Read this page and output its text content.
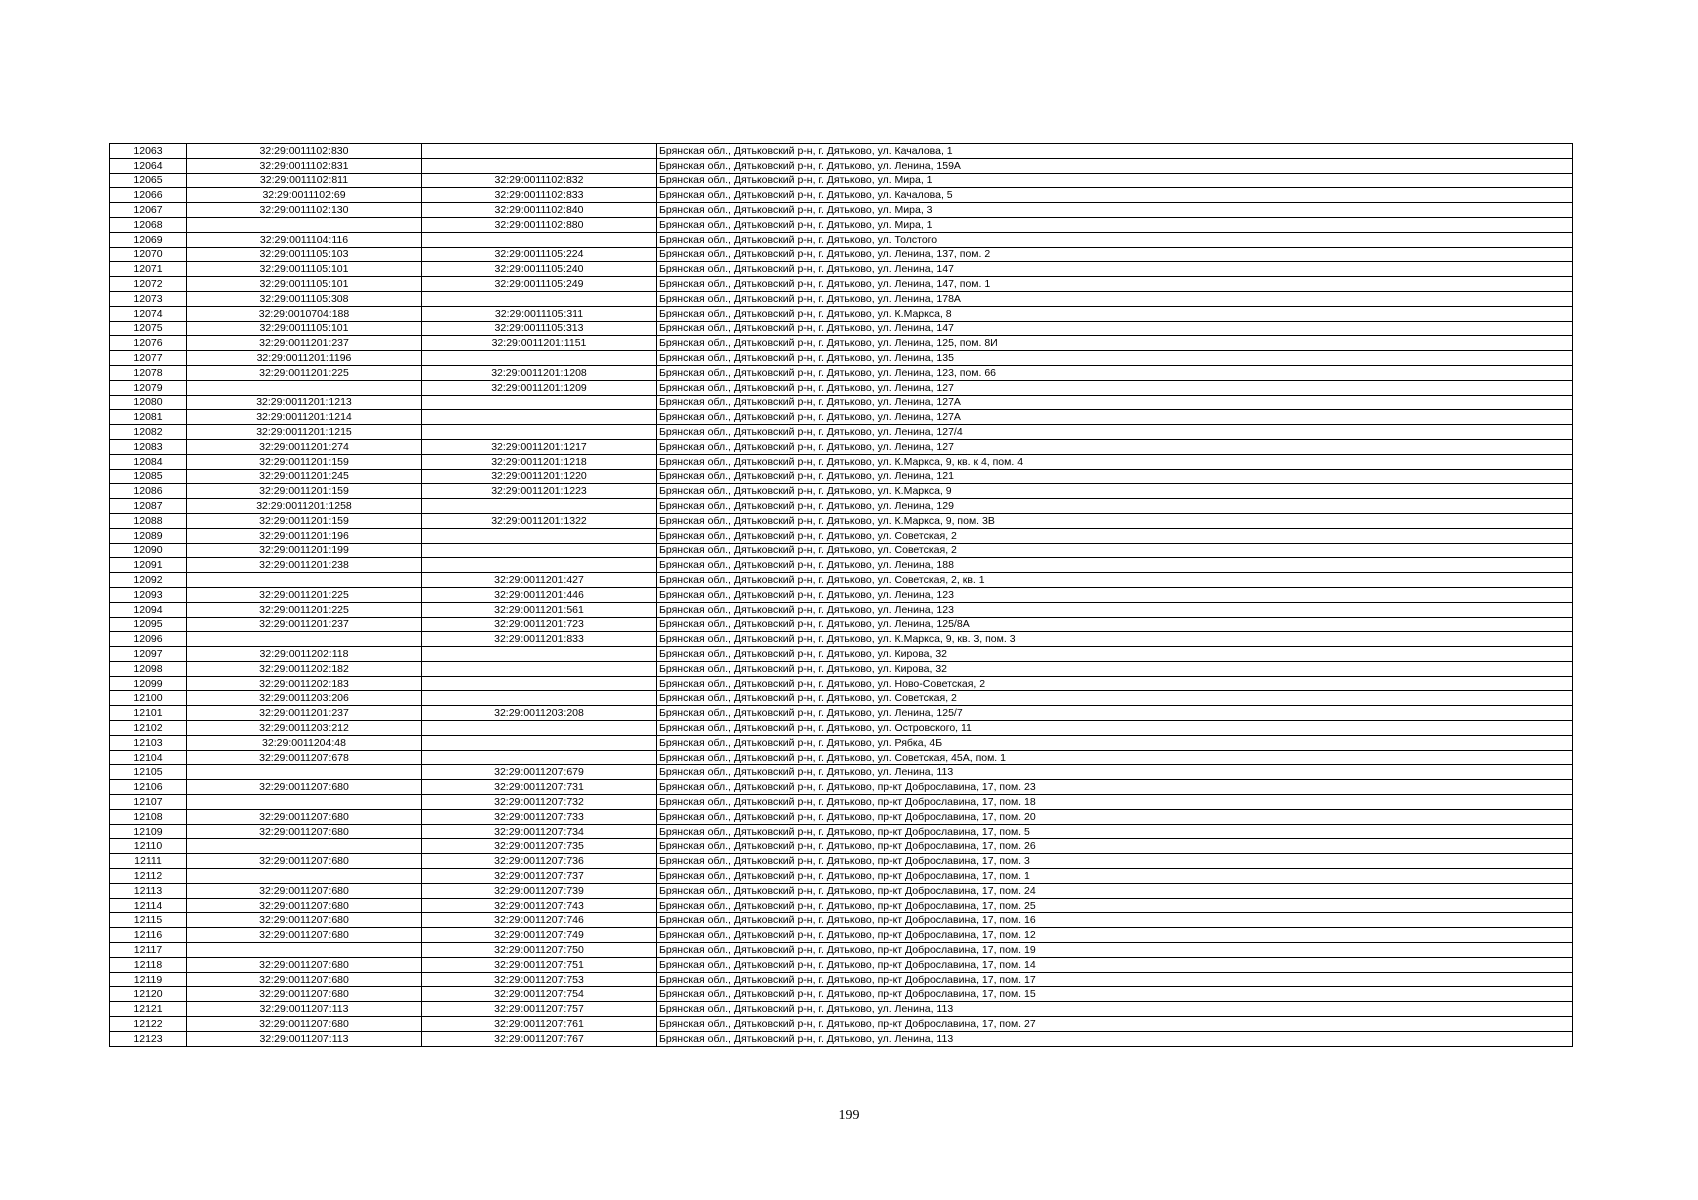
12063	32:29:0011102:830		Брянская обл., Дятьковский р-н, г. Дятьково, ул. Качалова, 1
12064	32:29:0011102:831		Брянская обл., Дятьковский р-н, г. Дятьково, ул. Ленина, 159А
12065	32:29:0011102:811	32:29:0011102:832	Брянская обл., Дятьковский р-н, г. Дятьково, ул. Мира, 1
12066	32:29:0011102:69	32:29:0011102:833	Брянская обл., Дятьковский р-н, г. Дятьково, ул. Качалова, 5
12067	32:29:0011102:130	32:29:0011102:840	Брянская обл., Дятьковский р-н, г. Дятьково, ул. Мира, 3
12068		32:29:0011102:880	Брянская обл., Дятьковский р-н, г. Дятьково, ул. Мира, 1
12069	32:29:0011104:116		Брянская обл., Дятьковский р-н, г. Дятьково, ул. Толстого
12070	32:29:0011105:103	32:29:0011105:224	Брянская обл., Дятьковский р-н, г. Дятьково, ул. Ленина, 137, пом. 2
12071	32:29:0011105:101	32:29:0011105:240	Брянская обл., Дятьковский р-н, г. Дятьково, ул. Ленина, 147
12072	32:29:0011105:101	32:29:0011105:249	Брянская обл., Дятьковский р-н, г. Дятьково, ул. Ленина, 147, пом. 1
12073	32:29:0011105:308		Брянская обл., Дятьковский р-н, г. Дятьково, ул. Ленина, 178А
12074	32:29:0010704:188	32:29:0011105:311	Брянская обл., Дятьковский р-н, г. Дятьково, ул. К.Маркса, 8
12075	32:29:0011105:101	32:29:0011105:313	Брянская обл., Дятьковский р-н, г. Дятьково, ул. Ленина, 147
12076	32:29:0011201:237	32:29:0011201:1151	Брянская обл., Дятьковский р-н, г. Дятьково, ул. Ленина, 125, пом. 8И
12077	32:29:0011201:1196		Брянская обл., Дятьковский р-н, г. Дятьково, ул. Ленина, 135
12078	32:29:0011201:225	32:29:0011201:1208	Брянская обл., Дятьковский р-н, г. Дятьково, ул. Ленина, 123, пом. 66
12079		32:29:0011201:1209	Брянская обл., Дятьковский р-н, г. Дятьково, ул. Ленина, 127
12080	32:29:0011201:1213		Брянская обл., Дятьковский р-н, г. Дятьково, ул. Ленина, 127А
12081	32:29:0011201:1214		Брянская обл., Дятьковский р-н, г. Дятьково, ул. Ленина, 127А
12082	32:29:0011201:1215		Брянская обл., Дятьковский р-н, г. Дятьково, ул. Ленина, 127/4
12083	32:29:0011201:274	32:29:0011201:1217	Брянская обл., Дятьковский р-н, г. Дятьково, ул. Ленина, 127
12084	32:29:0011201:159	32:29:0011201:1218	Брянская обл., Дятьковский р-н, г. Дятьково, ул. К.Маркса, 9, кв. к 4, пом. 4
12085	32:29:0011201:245	32:29:0011201:1220	Брянская обл., Дятьковский р-н, г. Дятьково, ул. Ленина, 121
12086	32:29:0011201:159	32:29:0011201:1223	Брянская обл., Дятьковский р-н, г. Дятьково, ул. К.Маркса, 9
12087	32:29:0011201:1258		Брянская обл., Дятьковский р-н, г. Дятьково, ул. Ленина, 129
12088	32:29:0011201:159	32:29:0011201:1322	Брянская обл., Дятьковский р-н, г. Дятьково, ул. К.Маркса, 9, пом. 3В
12089	32:29:0011201:196		Брянская обл., Дятьковский р-н, г. Дятьково, ул. Советская, 2
12090	32:29:0011201:199		Брянская обл., Дятьковский р-н, г. Дятьково, ул. Советская, 2
12091	32:29:0011201:238		Брянская обл., Дятьковский р-н, г. Дятьково, ул. Ленина, 188
12092		32:29:0011201:427	Брянская обл., Дятьковский р-н, г. Дятьково, ул. Советская, 2, кв. 1
12093	32:29:0011201:225	32:29:0011201:446	Брянская обл., Дятьковский р-н, г. Дятьково, ул. Ленина, 123
12094	32:29:0011201:225	32:29:0011201:561	Брянская обл., Дятьковский р-н, г. Дятьково, ул. Ленина, 123
12095	32:29:0011201:237	32:29:0011201:723	Брянская обл., Дятьковский р-н, г. Дятьково, ул. Ленина, 125/8А
12096		32:29:0011201:833	Брянская обл., Дятьковский р-н, г. Дятьково, ул. К.Маркса, 9, кв. 3, пом. 3
12097	32:29:0011202:118		Брянская обл., Дятьковский р-н, г. Дятьково, ул. Кирова, 32
12098	32:29:0011202:182		Брянская обл., Дятьковский р-н, г. Дятьково, ул. Кирова, 32
12099	32:29:0011202:183		Брянская обл., Дятьковский р-н, г. Дятьково, ул. Ново-Советская, 2
12100	32:29:0011203:206		Брянская обл., Дятьковский р-н, г. Дятьково, ул. Советская, 2
12101	32:29:0011201:237	32:29:0011203:208	Брянская обл., Дятьковский р-н, г. Дятьково, ул. Ленина, 125/7
12102	32:29:0011203:212		Брянская обл., Дятьковский р-н, г. Дятьково, ул. Островского, 11
12103	32:29:0011204:48		Брянская обл., Дятьковский р-н, г. Дятьково, ул. Рябка, 4Б
12104	32:29:0011207:678		Брянская обл., Дятьковский р-н, г. Дятьково, ул. Советская, 45А, пом. 1
12105		32:29:0011207:679	Брянская обл., Дятьковский р-н, г. Дятьково, ул. Ленина, 113
12106	32:29:0011207:680	32:29:0011207:731	Брянская обл., Дятьковский р-н, г. Дятьково, пр-кт Доброславина, 17, пом. 23
12107		32:29:0011207:732	Брянская обл., Дятьковский р-н, г. Дятьково, пр-кт Доброславина, 17, пом. 18
12108	32:29:0011207:680	32:29:0011207:733	Брянская обл., Дятьковский р-н, г. Дятьково, пр-кт Доброславина, 17, пом. 20
12109	32:29:0011207:680	32:29:0011207:734	Брянская обл., Дятьковский р-н, г. Дятьково, пр-кт Доброславина, 17, пом. 5
12110		32:29:0011207:735	Брянская обл., Дятьковский р-н, г. Дятьково, пр-кт Доброславина, 17, пом. 26
12111	32:29:0011207:680	32:29:0011207:736	Брянская обл., Дятьковский р-н, г. Дятьково, пр-кт Доброславина, 17, пом. 3
12112		32:29:0011207:737	Брянская обл., Дятьковский р-н, г. Дятьково, пр-кт Доброславина, 17, пом. 1
12113	32:29:0011207:680	32:29:0011207:739	Брянская обл., Дятьковский р-н, г. Дятьково, пр-кт Доброславина, 17, пом. 24
12114	32:29:0011207:680	32:29:0011207:743	Брянская обл., Дятьковский р-н, г. Дятьково, пр-кт Доброславина, 17, пом. 25
12115	32:29:0011207:680	32:29:0011207:746	Брянская обл., Дятьковский р-н, г. Дятьково, пр-кт Доброславина, 17, пом. 16
12116	32:29:0011207:680	32:29:0011207:749	Брянская обл., Дятьковский р-н, г. Дятьково, пр-кт Доброславина, 17, пом. 12
12117		32:29:0011207:750	Брянская обл., Дятьковский р-н, г. Дятьково, пр-кт Доброславина, 17, пом. 19
12118	32:29:0011207:680	32:29:0011207:751	Брянская обл., Дятьковский р-н, г. Дятьково, пр-кт Доброславина, 17, пом. 14
12119	32:29:0011207:680	32:29:0011207:753	Брянская обл., Дятьковский р-н, г. Дятьково, пр-кт Доброславина, 17, пом. 17
12120	32:29:0011207:680	32:29:0011207:754	Брянская обл., Дятьковский р-н, г. Дятьково, пр-кт Доброславина, 17, пом. 15
12121	32:29:0011207:113	32:29:0011207:757	Брянская обл., Дятьковский р-н, г. Дятьково, ул. Ленина, 113
12122	32:29:0011207:680	32:29:0011207:761	Брянская обл., Дятьковский р-н, г. Дятьково, пр-кт Доброславина, 17, пом. 27
12123	32:29:0011207:113	32:29:0011207:767	Брянская обл., Дятьковский р-н, г. Дятьково, ул. Ленина, 113
199
